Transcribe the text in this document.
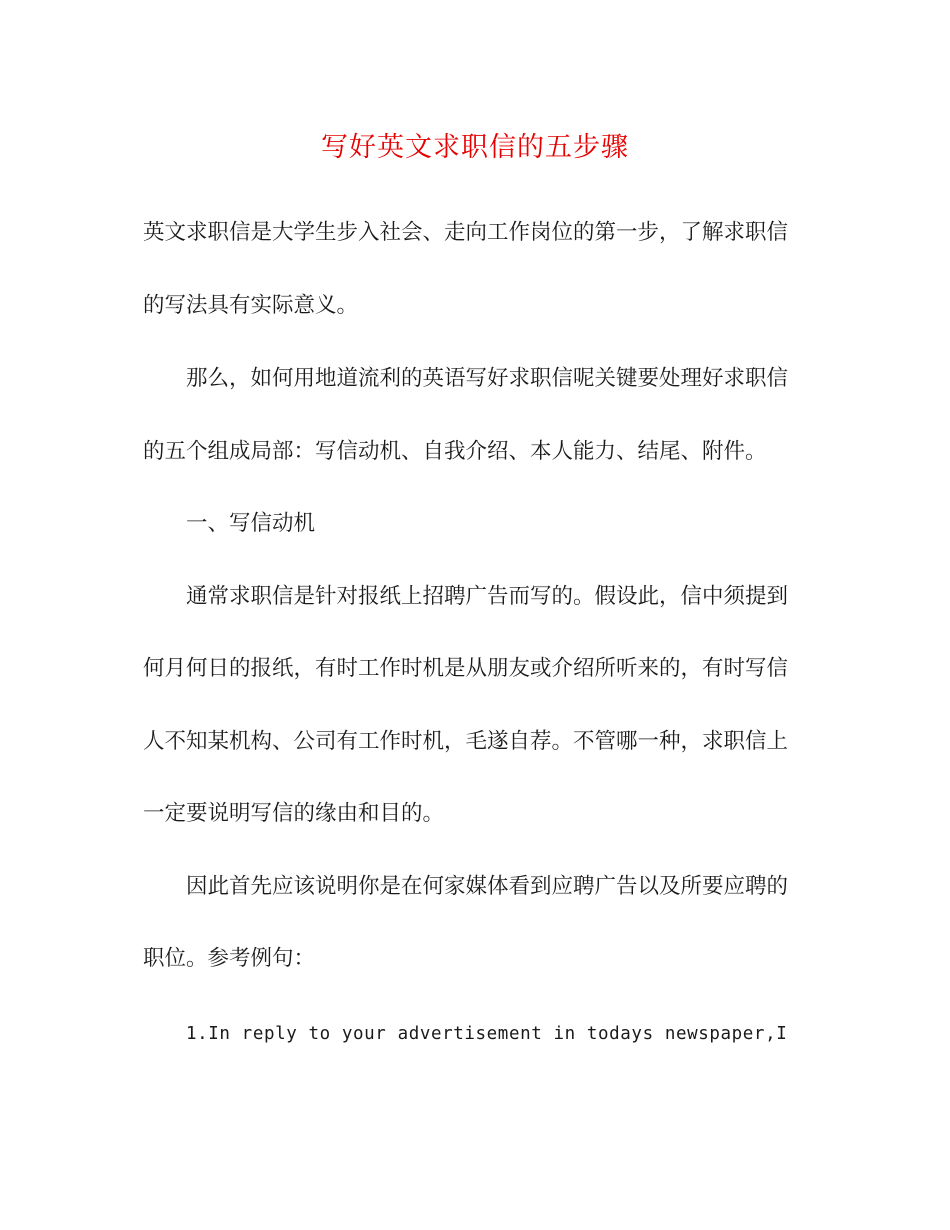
写好英文求职信的五步骤
英文求职信是大学生步入社会、走向工作岗位的第一步，了解求职信
的写法具有实际意义。
那么，如何用地道流利的英语写好求职信呢关键要处理好求职信
的五个组成局部：写信动机、自我介绍、本人能力、结尾、附件。
一、写信动机
通常求职信是针对报纸上招聘广告而写的。假设此，信中须提到
何月何日的报纸，有时工作时机是从朋友或介绍所听来的，有时写信
人不知某机构、公司有工作时机，毛遂自荐。不管哪一种，求职信上
一定要说明写信的缘由和目的。
因此首先应该说明你是在何家媒体看到应聘广告以及所要应聘的
职位。参考例句：
1.In reply to your advertisement in todays newspaper,I
